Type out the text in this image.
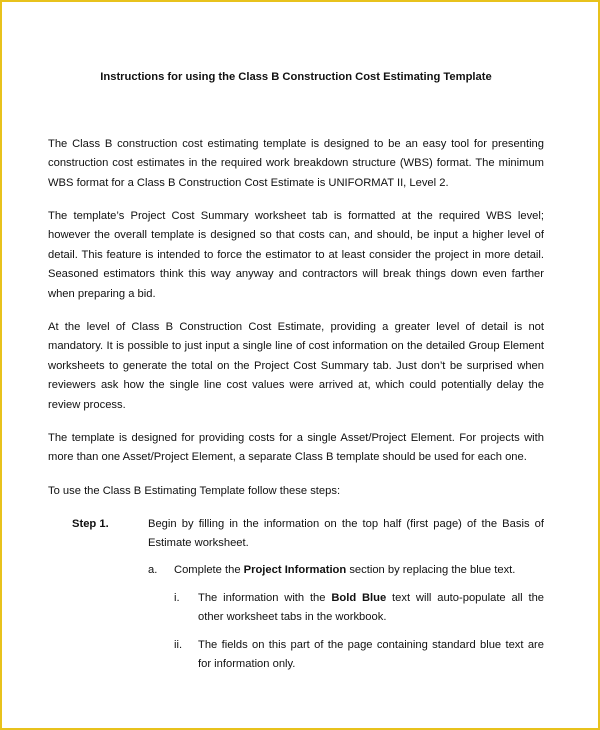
Instructions for using the Class B Construction Cost Estimating Template

The Class B construction cost estimating template is designed to be an easy tool for presenting construction cost estimates in the required work breakdown structure (WBS) format. The minimum WBS format for a Class B Construction Cost Estimate is UNIFORMAT II, Level 2.

The template’s Project Cost Summary worksheet tab is formatted at the required WBS level; however the overall template is designed so that costs can, and should, be input a higher level of detail. This feature is intended to force the estimator to at least consider the project in more detail. Seasoned estimators think this way anyway and contractors will break things down even farther when preparing a bid.

At the level of Class B Construction Cost Estimate, providing a greater level of detail is not mandatory. It is possible to just input a single line of cost information on the detailed Group Element worksheets to generate the total on the Project Cost Summary tab. Just don’t be surprised when reviewers ask how the single line cost values were arrived at, which could potentially delay the review process.

The template is designed for providing costs for a single Asset/Project Element. For projects with more than one Asset/Project Element, a separate Class B template should be used for each one.

To use the Class B Estimating Template follow these steps:
Step 1.	Begin by filling in the information on the top half (first page) of the Basis of Estimate worksheet.
a. Complete the Project Information section by replacing the blue text.
i. The information with the Bold Blue text will auto-populate all the other worksheet tabs in the workbook.
ii. The fields on this part of the page containing standard blue text are for information only.
